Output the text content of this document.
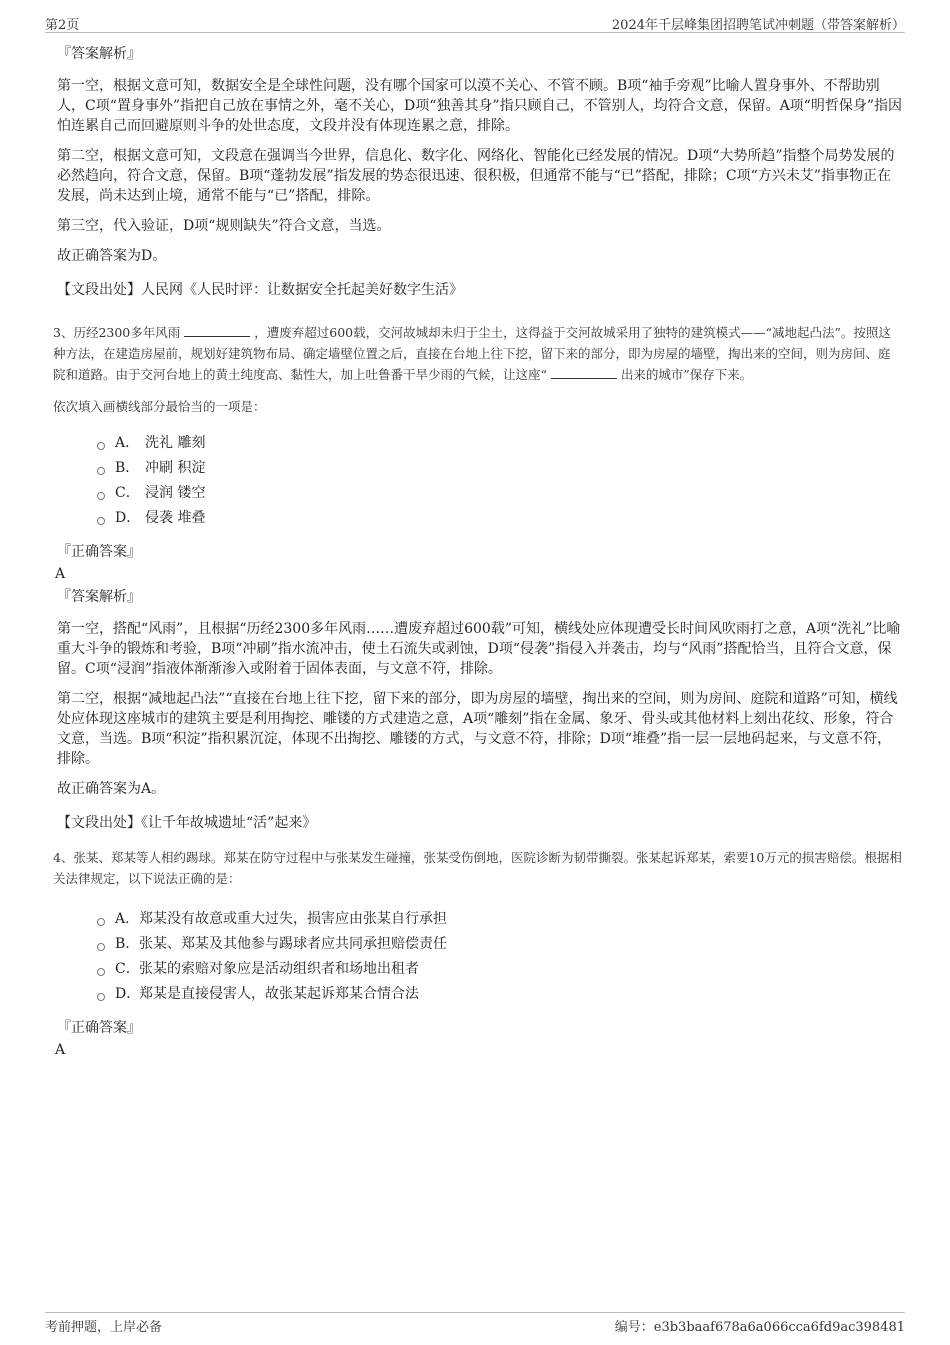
第2页	2024年千层峰集团招聘笔试冲刺题（带答案解析）

『答案解析』

第一空，根据文意可知，数据安全是全球性问题，没有哪个国家可以漠不关心、不管不顾。B项“袖手旁观”比喻人置身事外、不帮助别人，C项“置身事外”指把自己放在事情之外，毫不关心，D项“独善其身”指只顾自己，不管别人，均符合文意，保留。A项“明哲保身”指因怕连累自己而回避原则斗争的处世态度，文段并没有体现连累之意，排除。

第二空，根据文意可知，文段意在强调当今世界，信息化、数字化、网络化、智能化已经发展的情况。D项“大势所趋”指整个局势发展的必然趋向，符合文意，保留。B项“蓬勃发展”指发展的势态很迅速、很积极，但通常不能与“已”搭配，排除；C项“方兴未艾”指事物正在发展，尚未达到止境，通常不能与“已”搭配，排除。

第三空，代入验证，D项“规则缺失”符合文意，当选。

故正确答案为D。

【文段出处】人民网《人民时评：让数据安全托起美好数字生活》

3、历经2300多年风雨	，遭废弃超过600载，交河故城却未归于尘土，这得益于交河故城采用了独特的建筑模式——“减地起凸法”。按照这种方法，在建造房屋前，规划好建筑物布局、确定墙壁位置之后，直接在台地上往下挖，留下来的部分，即为房屋的墙壁，掏出来的空间，则为房间、庭院和道路。由于交河台地上的黄土纯度高、黏性大，加上吐鲁番干旱少雨的气候，让这座“	出来的城市”保存下来。

依次填入画横线部分最恰当的一项是：

A． 洗礼 雕刻
B． 冲刷 积淀
C． 浸润 镂空
D． 侵袭 堆叠

『正确答案』

A

『答案解析』

第一空，搭配“风雨”，且根据“历经2300多年风雨……遭废弃超过600载”可知，横线处应体现遭受长时间风吹雨打之意，A项“洗礼”比喻重大斗争的锻炼和考验，B项“冲刷”指水流冲击，使土石流失或剥蚀，D项“侵袭”指侵入并袭击，均与“风雨”搭配恰当，且符合文意，保留。C项“浸润”指液体渐渐渗入或附着于固体表面，与文意不符，排除。

第二空，根据“减地起凸法”“直接在台地上往下挖，留下来的部分，即为房屋的墙壁，掏出来的空间，则为房间、庭院和道路”可知，横线处应体现这座城市的建筑主要是利用掏挖、雕镂的方式建造之意，A项“雕刻”指在金属、象牙、骨头或其他材料上刻出花纹、形象，符合文意，当选。B项“积淀”指积累沉淀，体现不出掏挖、雕镂的方式，与文意不符，排除；D项“堆叠”指一层一层地码起来，与文意不符，排除。

故正确答案为A。

【文段出处】《让千年故城遗址“活”起来》

4、张某、郑某等人相约踢球。郑某在防守过程中与张某发生碰撞，张某受伤倒地，医院诊断为韧带撕裂。张某起诉郑某，索要10万元的损害赔偿。根据相关法律规定，以下说法正确的是：

A． 郑某没有故意或重大过失，损害应由张某自行承担
B． 张某、郑某及其他参与踢球者应共同承担赔偿责任
C． 张某的索赔对象应是活动组织者和场地出租者
D．
郑某是直接侵害人，故张某起诉郑某合情合法

『正确答案』

A

考前押题，上岸必备	编号：e3b3baaf678a6a066cca6fd9ac398481
